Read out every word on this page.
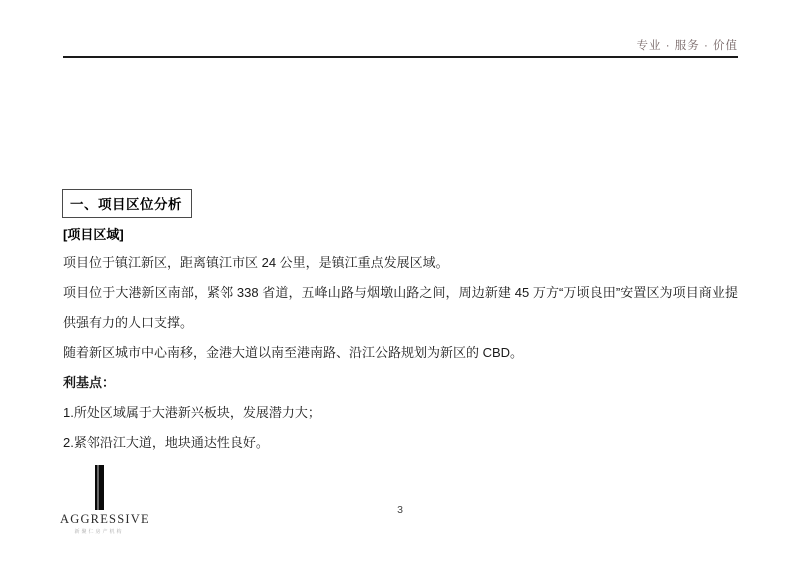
专业 · 服务 · 价值
一、项目区位分析
[项目区域]

项目位于镇江新区，距离镇江市区 24 公里，是镇江重点发展区域。

项目位于大港新区南部，紧邻 338 省道，五峰山路与烟墩山路之间，周边新建 45 万方“万顷良田”安置区为项目商业提供强有力的人口支撑。

随着新区城市中心南移，金港大道以南至港南路、沿江公路规划为新区的 CBD。

利基点：

1.所处区域属于大港新兴板块，发展潜力大；

2.紧邻沿江大道，地块通达性良好。

AGGRESSIVE
新聚仁房产机构
3
